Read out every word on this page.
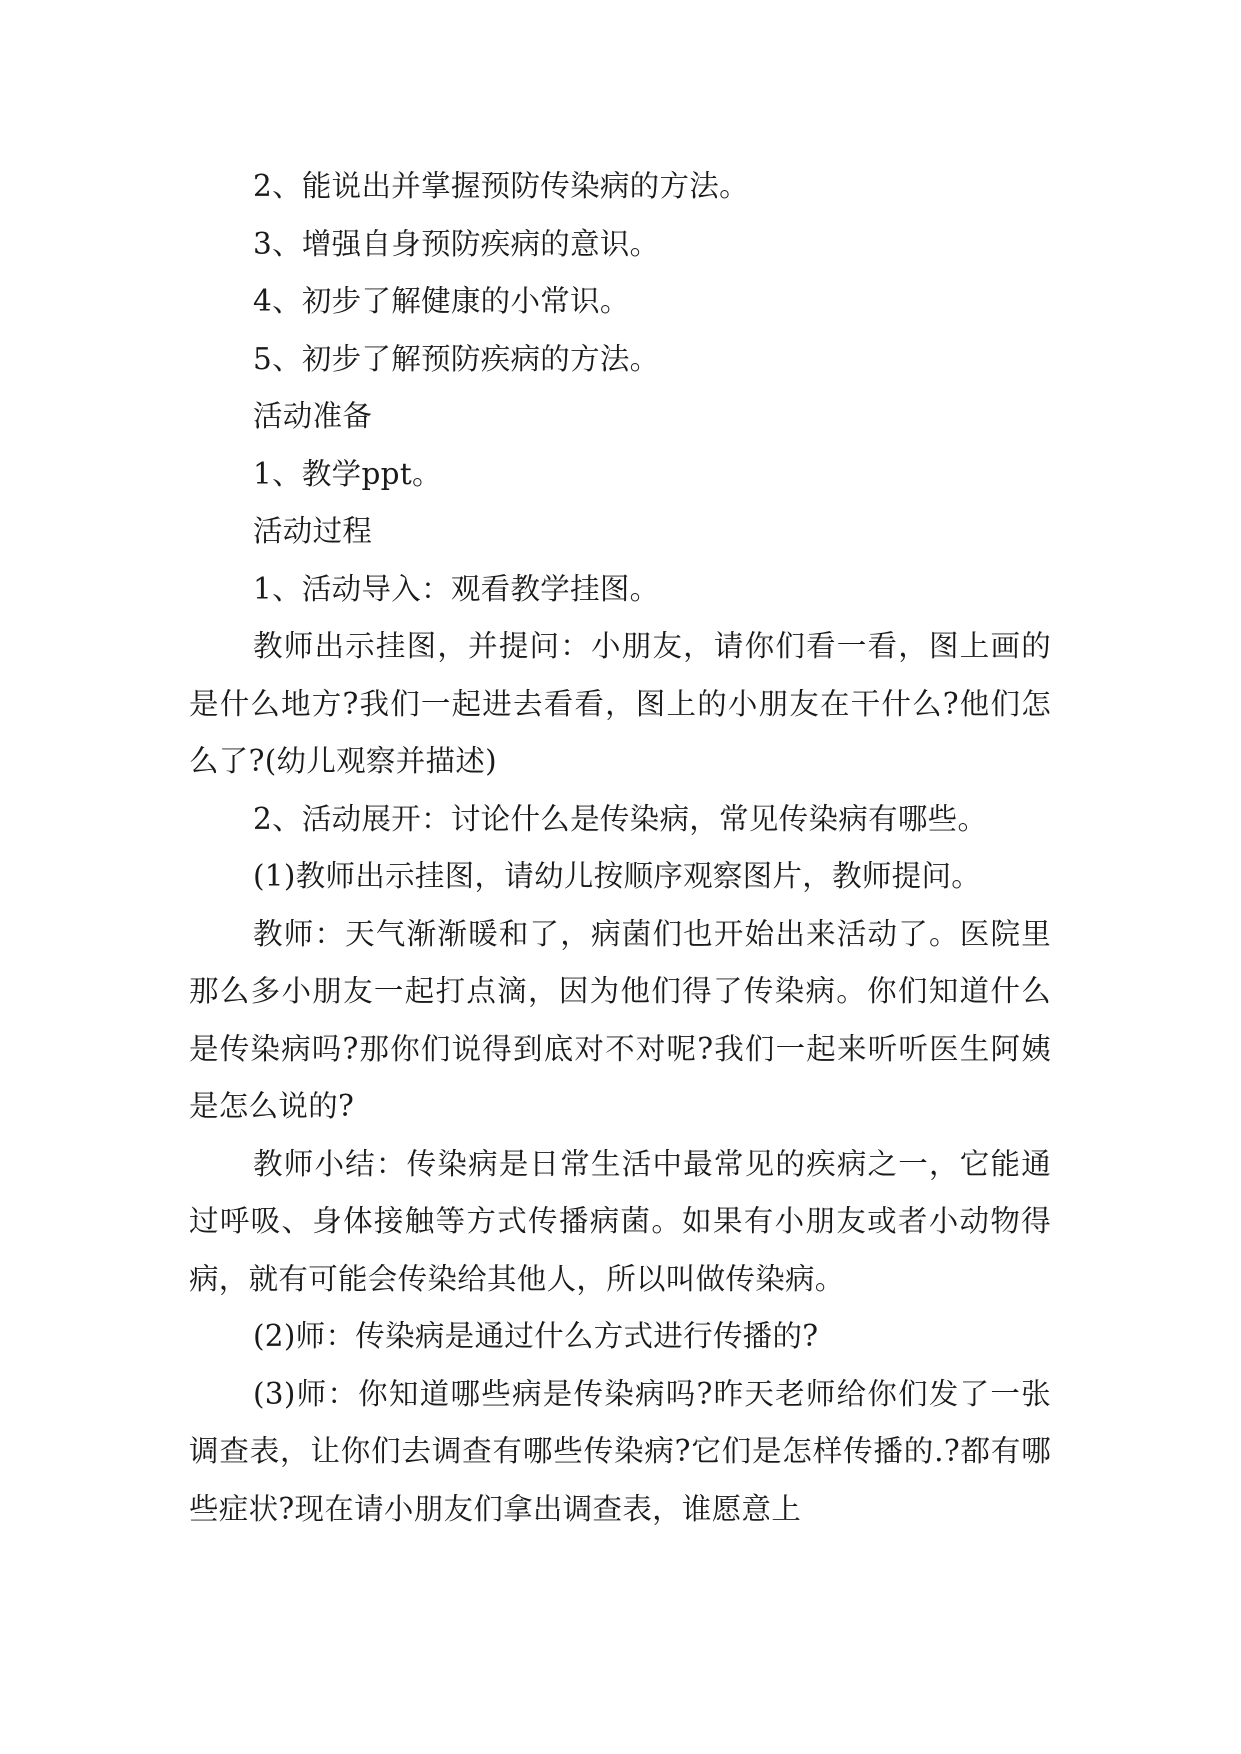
2、能说出并掌握预防传染病的方法。

3、增强自身预防疾病的意识。

4、初步了解健康的小常识。

5、初步了解预防疾病的方法。

活动准备

1、教学ppt。

活动过程

1、活动导入：观看教学挂图。

教师出示挂图，并提问：小朋友，请你们看一看，图上画的是什么地方?我们一起进去看看，图上的小朋友在干什么?他们怎么了?(幼儿观察并描述)

2、活动展开：讨论什么是传染病，常见传染病有哪些。

(1)教师出示挂图，请幼儿按顺序观察图片，教师提问。

教师：天气渐渐暖和了，病菌们也开始出来活动了。医院里那么多小朋友一起打点滴，因为他们得了传染病。你们知道什么是传染病吗?那你们说得到底对不对呢?我们一起来听听医生阿姨是怎么说的?

教师小结：传染病是日常生活中最常见的疾病之一，它能通过呼吸、身体接触等方式传播病菌。如果有小朋友或者小动物得病，就有可能会传染给其他人，所以叫做传染病。

(2)师：传染病是通过什么方式进行传播的?

(3)师：你知道哪些病是传染病吗?昨天老师给你们发了一张调查表，让你们去调查有哪些传染病?它们是怎样传播的.?都有哪些症状?现在请小朋友们拿出调查表，谁愿意上
